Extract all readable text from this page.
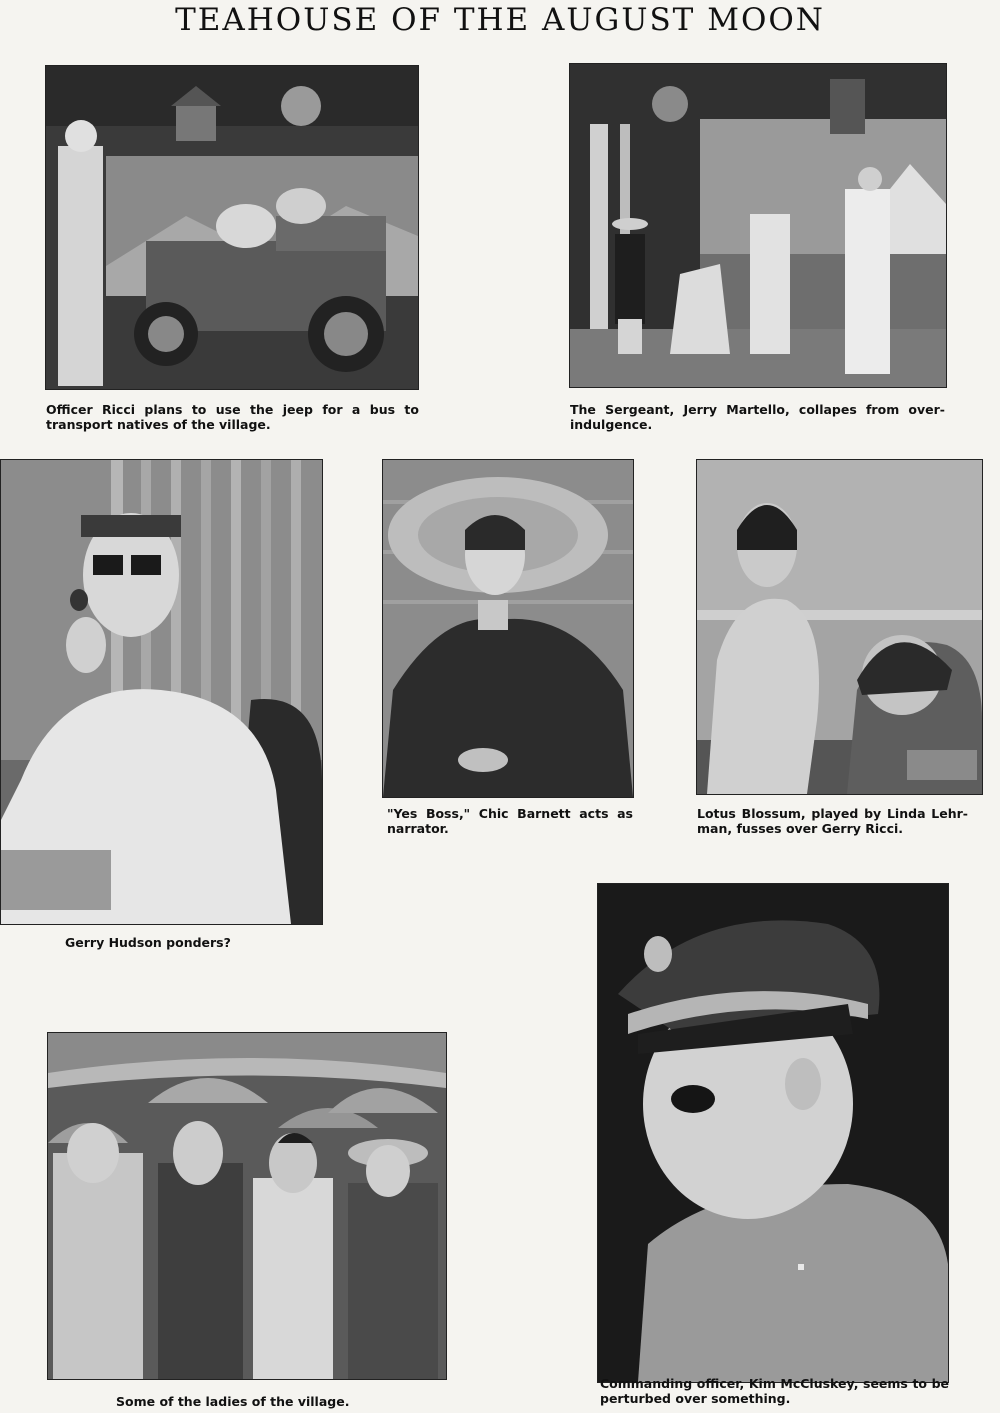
TEAHOUSE OF THE AUGUST MOON

Officer Ricci plans to use the jeep for a bus to transport natives of the village.

The Sergeant, Jerry Martello, collapes from over-indulgence.

Gerry Hudson ponders?

"Yes Boss," Chic Barnett acts as narrator.

Lotus Blossum, played by Linda Lehr-man, fusses over Gerry Ricci.

Some of the ladies of the village.

Commanding officer, Kim McCluskey, seems to be perturbed over something.
